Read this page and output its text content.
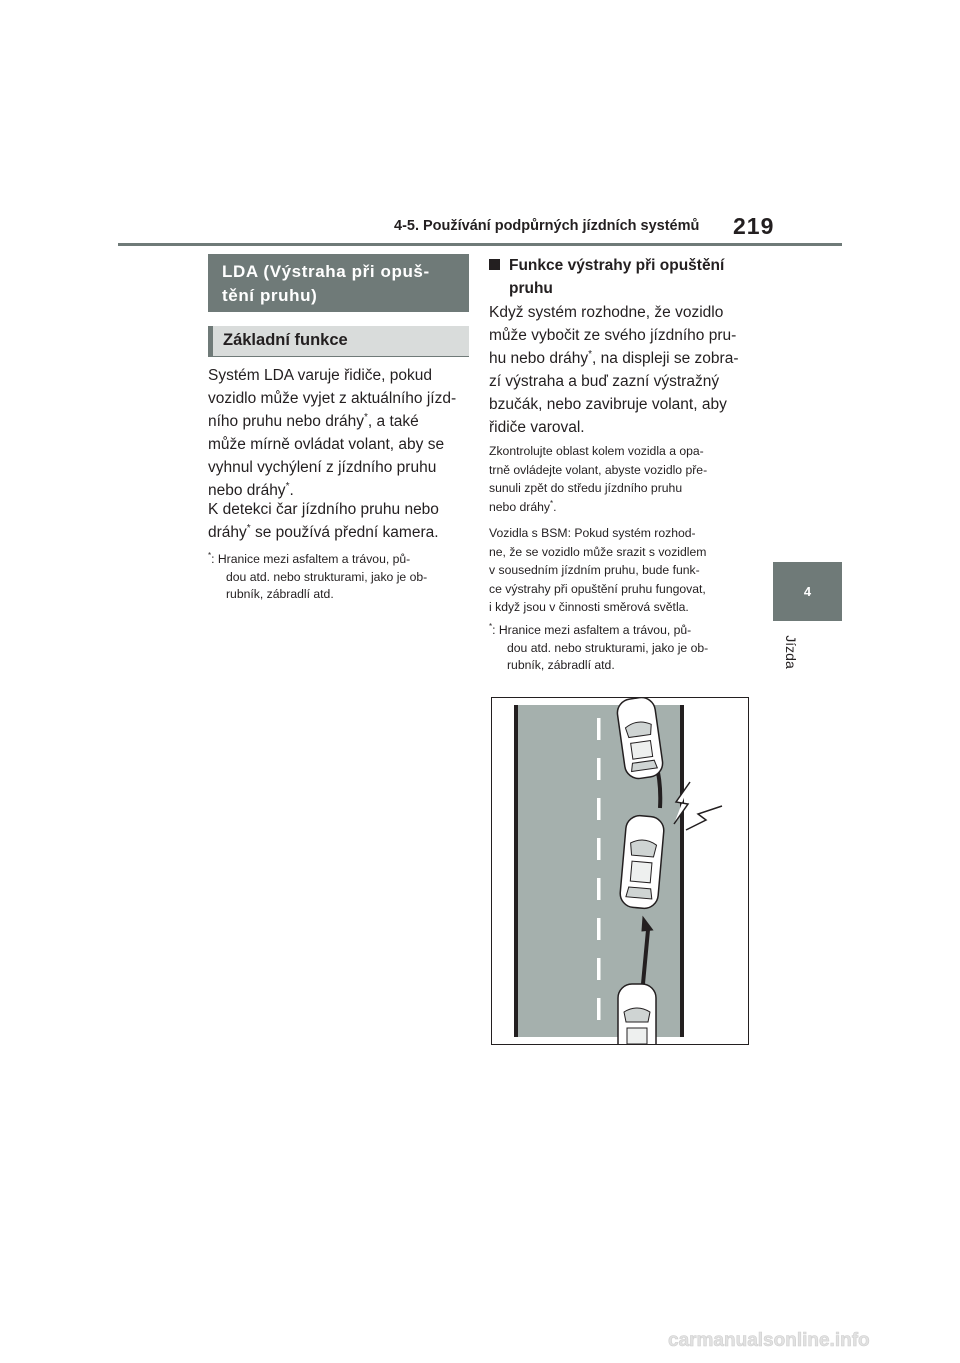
4-5. Používání podpůrných jízdních systémů 219
4
Jízda
LDA (Výstraha při opuš-
tění pruhu)
Základní funkce
Systém LDA varuje řidiče, pokud
vozidlo může vyjet z aktuálního jízd-
ního pruhu nebo dráhy*, a také
může mírně ovládat volant, aby se
vyhnul vychýlení z jízdního pruhu
nebo dráhy*.
K detekci čar jízdního pruhu nebo
dráhy* se používá přední kamera.
*: Hranice mezi asfaltem a trávou, pů-
dou atd. nebo strukturami, jako je ob-
rubník, zábradlí atd.
Funkce výstrahy při opuštění
pruhu
Když systém rozhodne, že vozidlo
může vybočit ze svého jízdního pru-
hu nebo dráhy*, na displeji se zobra-
zí výstraha a buď zazní výstražný
bzučák, nebo zavibruje volant, aby
řidiče varoval.
Zkontrolujte oblast kolem vozidla a opa-
trně ovládejte volant, abyste vozidlo pře-
sunuli zpět do středu jízdního pruhu
nebo dráhy*.
Vozidla s BSM: Pokud systém rozhod-
ne, že se vozidlo může srazit s vozidlem
v sousedním jízdním pruhu, bude funk-
ce výstrahy při opuštění pruhu fungovat,
i když jsou v činnosti směrová světla.
*: Hranice mezi asfaltem a trávou, pů-
dou atd. nebo strukturami, jako je ob-
rubník, zábradlí atd.
carmanualsonline.info
